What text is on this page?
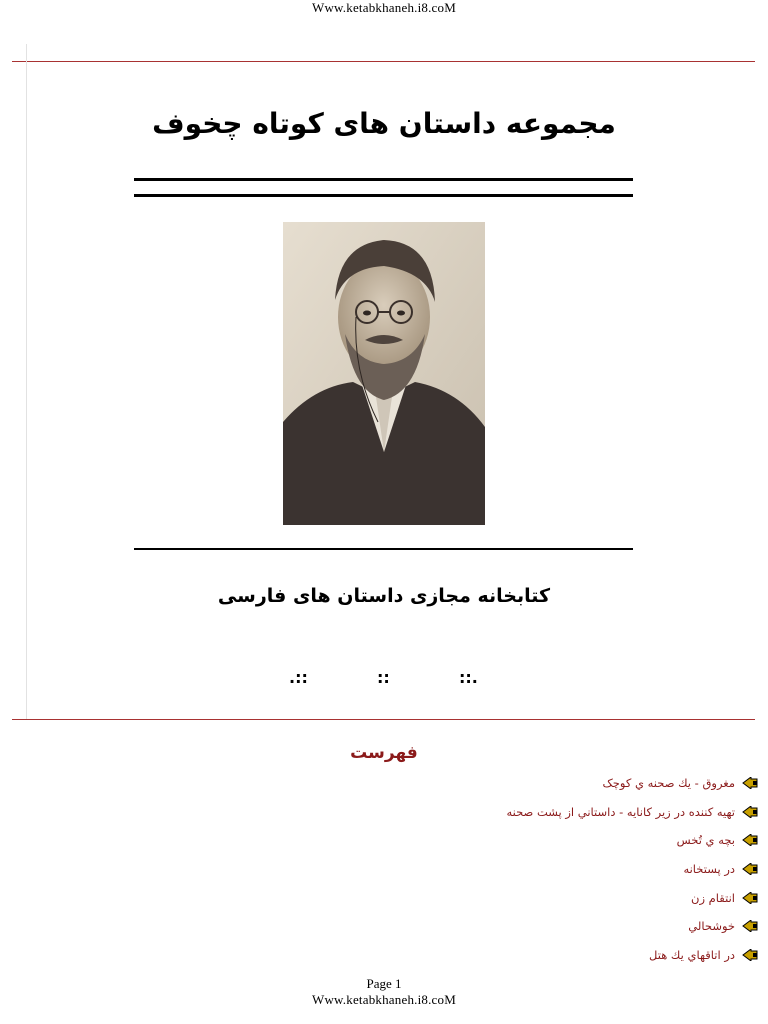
Www.ketabkhaneh.i8.coM
مجموعه داستان های کوتاه چخوف
کتابخانه مجازی داستان های فارسی
.::	::	::.
فهرست
مغروق - يك صحنه ي كوچک
تهيه كننده در زير كانايه - داستاني از پشت صحنه
بچه ي تُخس
در پستخانه
انتقام زن
خوشحالي
در اتاقهاي يك هتل
Page 1
Www.ketabkhaneh.i8.coM
